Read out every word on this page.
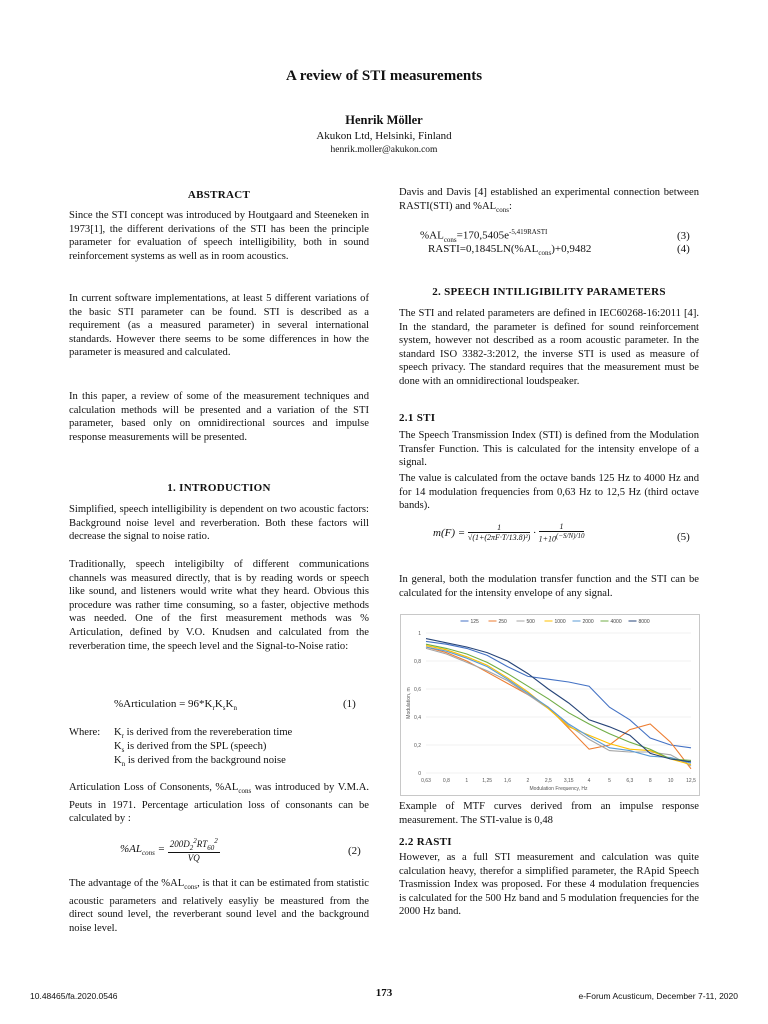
A review of STI measurements
Henrik Möller
Akukon Ltd, Helsinki, Finland
henrik.moller@akukon.com
ABSTRACT

Since the STI concept was introduced by Houtgaard and Steeneken in 1973[1], the different derivations of the STI has been the principle parameter for evaluation of speech intelligibility, both in sound reinforcement systems as well as in room acoustics.

In current software implementations, at least 5 different variations of the basic STI parameter can be found. STI is described as a requirement (as a measured parameter) in several international standards. However there seems to be some differences in how the parameter is measured and calculated.

In this paper, a review of some of the measurement techniques and calculation methods will be presented and a variation of the STI parameter, based only on omnidirectional sources and impulse response measurements will be presented.

1. INTRODUCTION

Simplified, speech intelligibility is dependent on two acoustic factors: Background noise level and reverberation. Both these factors will decrease the signal to noise ratio.

Traditionally, speech inteligibilty of different communications channels was measured directly, that is by reading words or speech like sound, and listeners would write what they heard. Obvious this procedure was rather time consuming, so a faster, objective methods was needed. One of the first measurement methods was % Articulation, defined by V.O. Knudsen and calculated from the reverberation time, the speech level and the Signal-to-Noise ratio:

%Articulation = $96*K_rK_sK_n$	(1)
Where: $K_r$ is derived from the revereberation time
$K_s$ is derived from the SPL (speech)
$K_n$ is derived from the background noise

Articulation Loss of Consonents, $\%AL_{cons}$ was introduced by V.M.A. Peuts in 1971. Percentage articulation loss of consonants can be calculated by :

$\%AL_{cons} = \frac{200D_2^2RT_{60}^2}{VQ}$	(2)

The advantage of the $\%AL_{cons}$, is that it can be estimated from statistic acoustic parameters and relatively easyliy be meastured from the direct sound level, the reverberant sound level and the background noise level.

Davis and Davis [4] established an experimental connection between RASTI(STI) and $\%AL_{cons}$:

$\%AL_{cons}=170,5405e^{-5,419RASTI}$	(3)
$RASTI=0,1845LN(\%AL_{cons})+0,9482$	(4)
2. SPEECH INTILIGIBILITY PARAMETERS

The STI and related parameters are defined in IEC60268-16:2011 [4]. In the standard, the parameter is defined for sound reinforcement system, however not described as a room acoustic parameter. In the standard ISO 3382-3:2012, the inverse STI is used as measure of speech privacy. The standard requires that the measurement must be done with an omnidirectional loudspeaker.

2.1 STI

The Speech Transmission Index (STI) is defined from the Modulation Transfer Function. This is calculated for the intensity envelope of a signal.

The value is calculated from the octave bands 125 Hz to 4000 Hz and for 14 modulation frequencies from 0,63 Hz to 12,5 Hz (third octave bands).

$m(F) = \frac{1}{\text{√(1+(2πF·T/13.8)²)}} \cdot \frac{1}{1+10^{(-S/N)/10}}$	(5)

In general, both the modulation transfer function and the STI can be calculated for the intensity envelope of any signal.

0
0,2
0,4
0,6
0,8
1
0,63 0,8	1	1,25 1,6	2	2,5 3,15	4	5	6,3	8	10	12,5
Modulation Frequency, Hz
Modulation, m
125	250	500	1000	2000	4000	8000

Example of MTF curves derived from an impulse response measurement. The STI-value is 0,48

2.2 RASTI

However, as a full STI measurement and calculation was quite calculation heavy, therefor a simplified parameter, the RApid Speech Trasmission Index was proposed. For these 4 modulation frequencies is calculated for the 500 Hz band and 5 modulation frequencies for the 2000 Hz band.

10.48465/fa.2020.0546	173	e-Forum Acusticum, December 7-11, 2020
